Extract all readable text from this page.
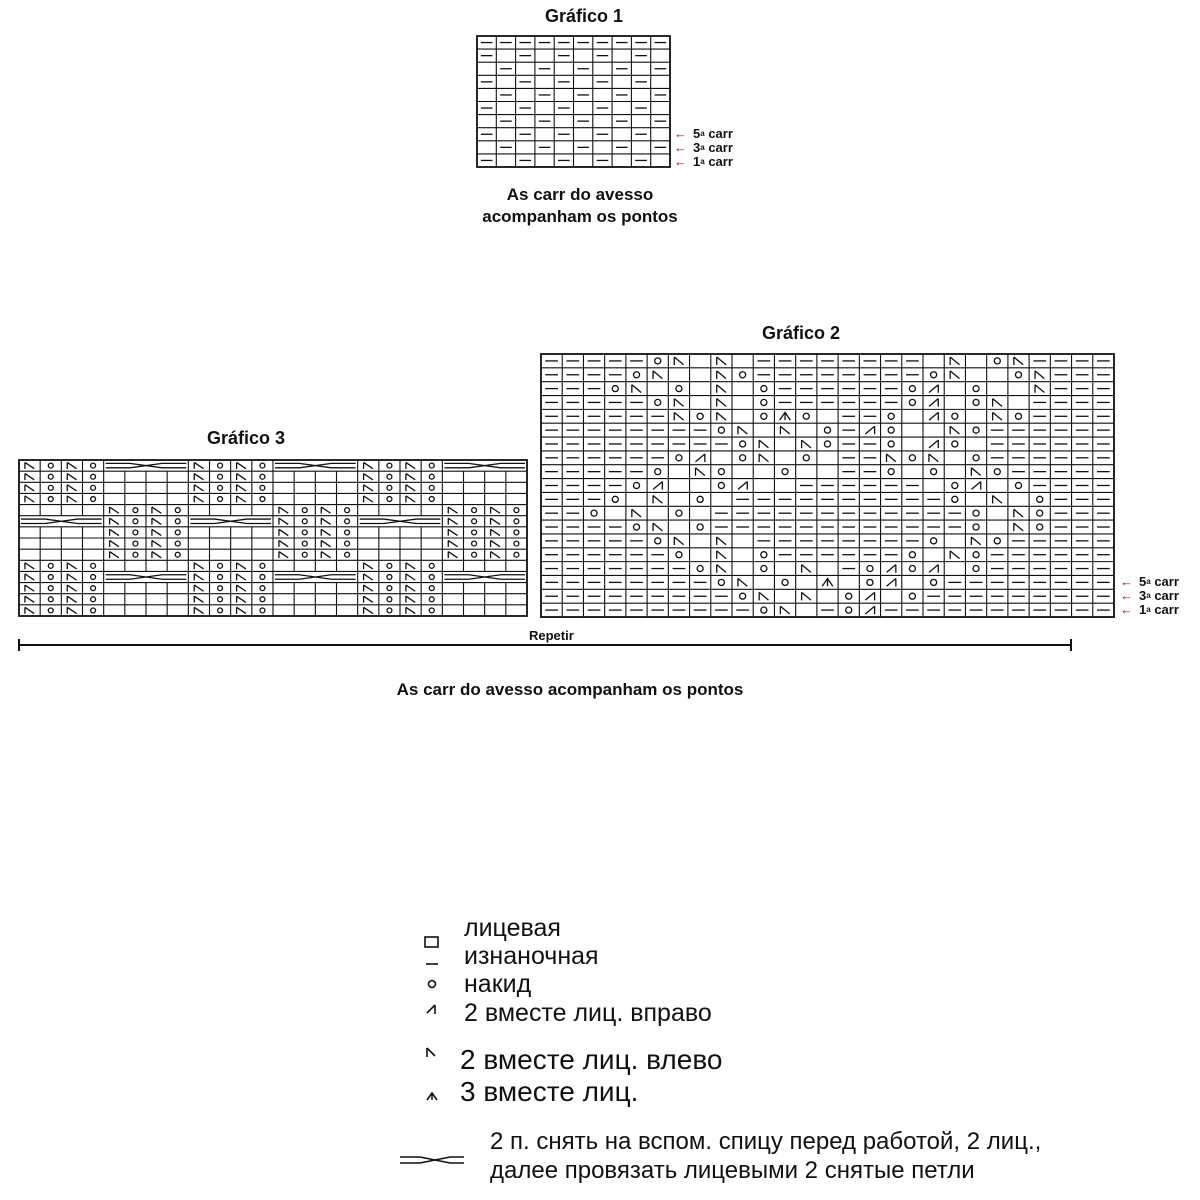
Gráfico 1
← 5 a
carr
← 3 a
carr
← 1 a
carr
As carr do avesso
acompanham os pontos
Gráfico 2
← 5 a
carr
← 3 a
carr
← 1 a
carr
Gráfico 3
Repetir
As carr do avesso acompanham os pontos
лицевая
изнаночная
накид
2 вместе лиц. вправо
2 вместе лиц. влево
3 вместе лиц.
2 п. снять на вспом. спицу перед работой, 2 лиц.,
далее провязать лицевыми 2 снятые петли
